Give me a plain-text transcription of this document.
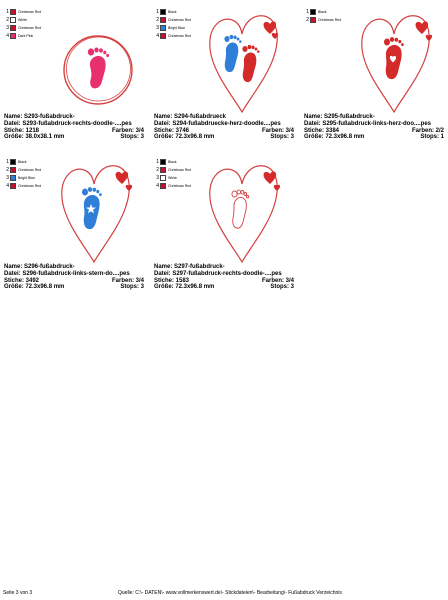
1	Christmas Red
2	White
3	Christmas Red
4	Dark Pink
Name: S293-fußabdruck-
Datei: S293-fußabdruck-rechts-doodle-....pes
Stiche: 1218	Farben: 3/4
Größe: 38.0x38.1 mm	Stops: 3
1	Black
2	Christmas Red
3	Bright Blue
4	Christmas Red
Name: S294-fußabdrueck
Datei: S294-fußabdruecke-herz-doodle....pes
Stiche: 3746	Farben: 3/4
Größe: 72.3x96.8 mm	Stops: 3
1	Black
2	Christmas Red
Name: S295-fußabdruck-
Datei: S295-fußabdruck-links-herz-doo....pes
Stiche: 3384	Farben: 2/2
Größe: 72.3x96.8 mm	Stops: 1
1	Black
2	Christmas Red
3	Bright Blue
4	Christmas Red
Name: S296-fußabdruck-
Datei: S296-fußabdruck-links-stern-do....pes
Stiche: 3492	Farben: 3/4
Größe: 72.3x96.8 mm	Stops: 3
1	Black
2	Christmas Red
3	White
4	Christmas Red
Name: S297-fußabdruck-
Datei: S297-fußabdruck-rechts-doodle-....pes
Stiche: 1583	Farben: 3/4
Größe: 72.3x96.8 mm	Stops: 3
Seite 3 von 3	Quelle: C:\- DATEN\- www.vollmerkenswert.de\- Stickdateien\- Bearbeitung\- Fußabdruck Verzeichnis
